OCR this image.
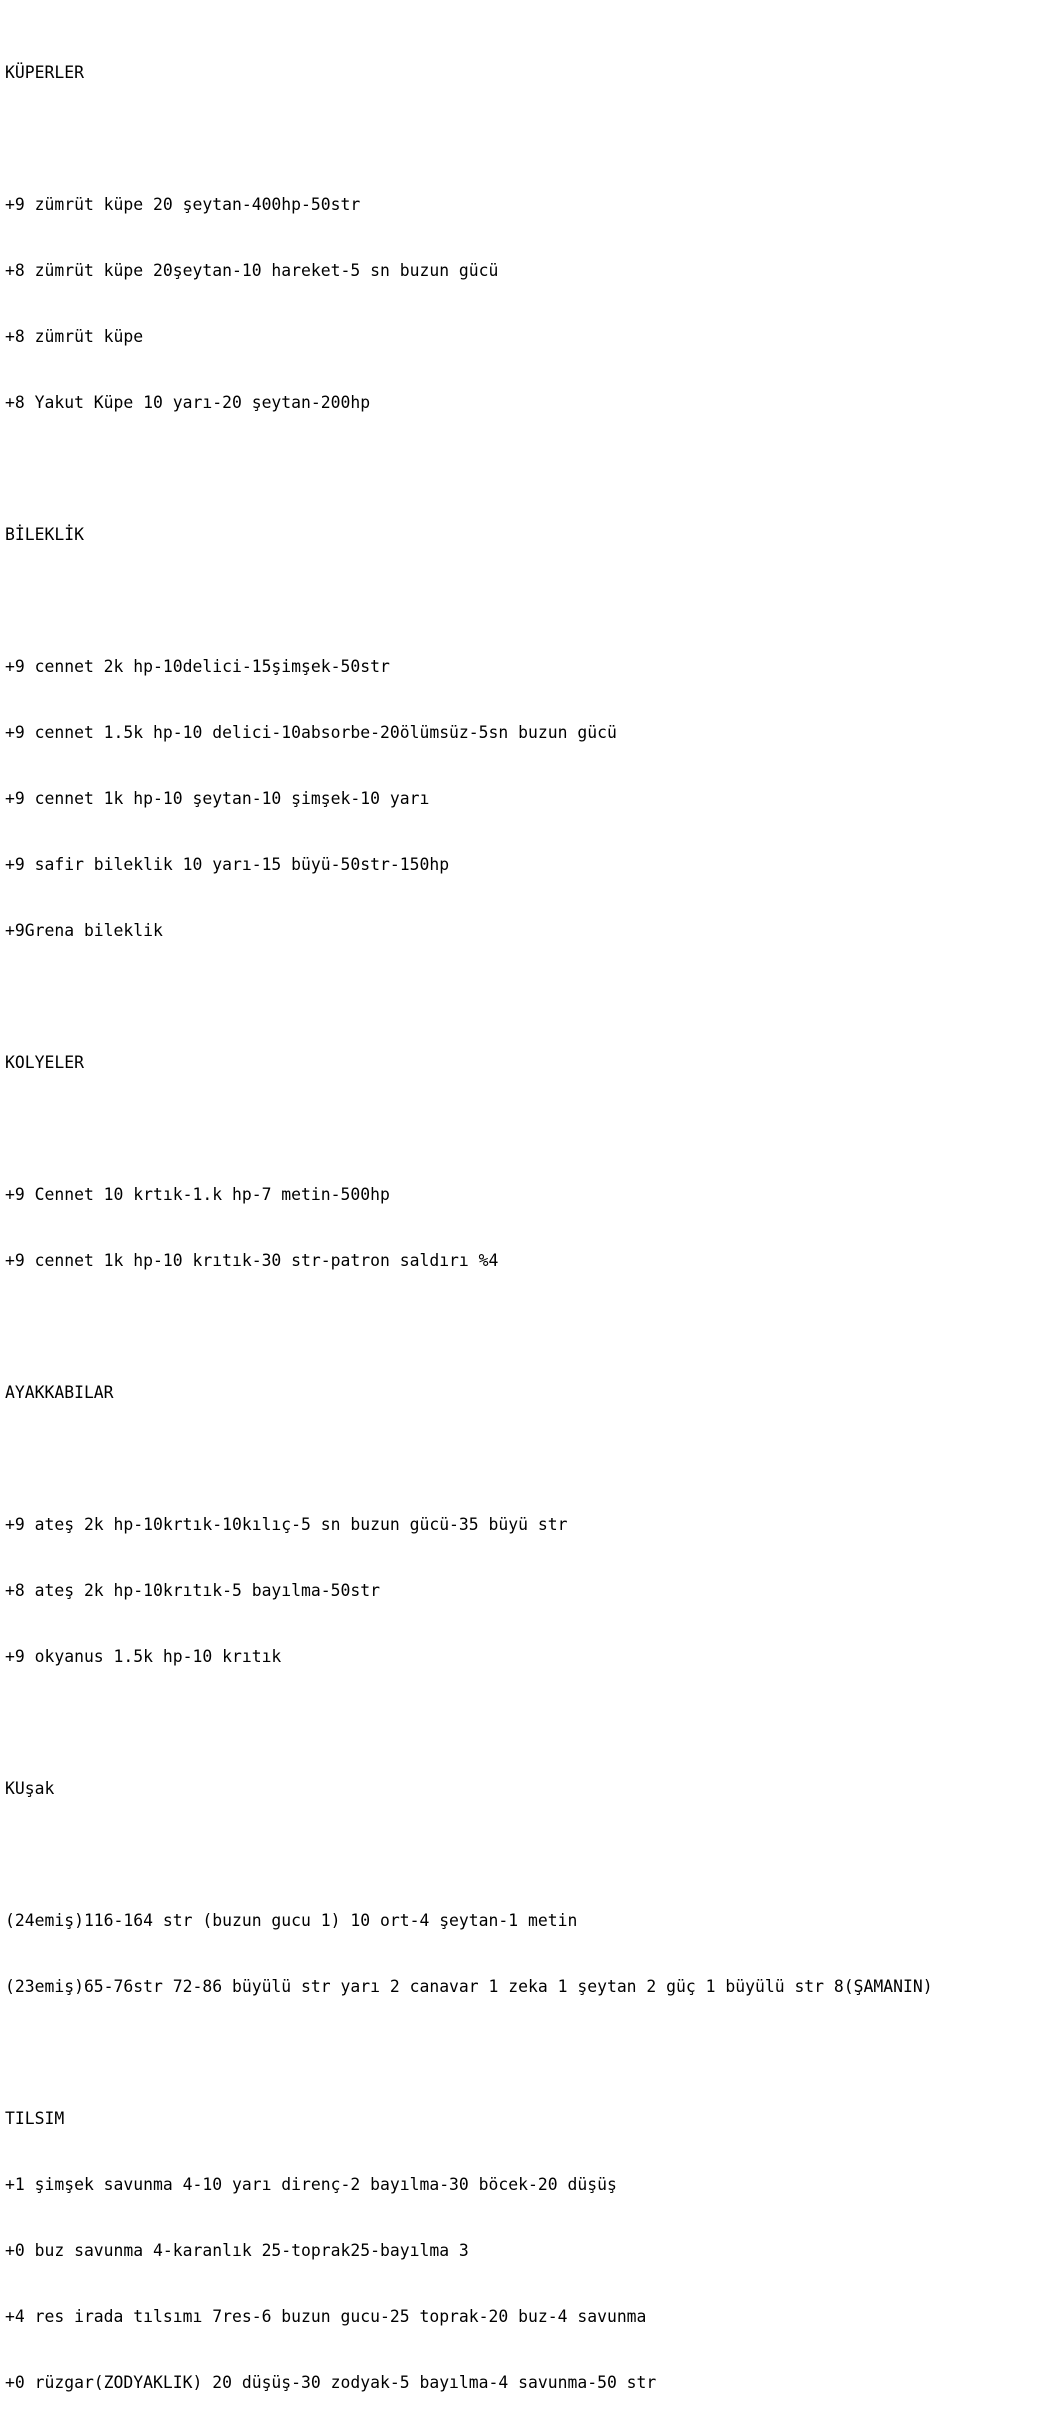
KÜPERLER

+9 zümrüt küpe 20 şeytan-400hp-50str

+8 zümrüt küpe 20şeytan-10 hareket-5 sn buzun gücü

+8 zümrüt küpe

+8 Yakut Küpe 10 yarı-20 şeytan-200hp

BİLEKLİK

+9 cennet 2k hp-10delici-15şimşek-50str

+9 cennet 1.5k hp-10 delici-10absorbe-20ölümsüz-5sn buzun gücü

+9 cennet 1k hp-10 şeytan-10 şimşek-10 yarı

+9 safir bileklik 10 yarı-15 büyü-50str-150hp

+9Grena bileklik

KOLYELER

+9 Cennet 10 krtık-1.k hp-7 metin-500hp

+9 cennet 1k hp-10 krıtık-30 str-patron saldırı %4

AYAKKABILAR

+9 ateş 2k hp-10krtık-10kılıç-5 sn buzun gücü-35 büyü str

+8 ateş 2k hp-10krıtık-5 bayılma-50str

+9 okyanus 1.5k hp-10 krıtık

KUşak

(24emiş)116-164 str (buzun gucu 1) 10 ort-4 şeytan-1 metin

(23emiş)65-76str 72-86 büyülü str yarı 2 canavar 1 zeka 1 şeytan 2 güç 1 büyülü str 8(ŞAMANIN)

TILSIM

+1 şimşek savunma 4-10 yarı direnç-2 bayılma-30 böcek-20 düşüş

+0 buz savunma 4-karanlık 25-toprak25-bayılma 3

+4 res irada tılsımı 7res-6 buzun gucu-25 toprak-20 buz-4 savunma

+0 rüzgar(ZODYAKLIK) 20 düşüş-30 zodyak-5 bayılma-4 savunma-50 str
